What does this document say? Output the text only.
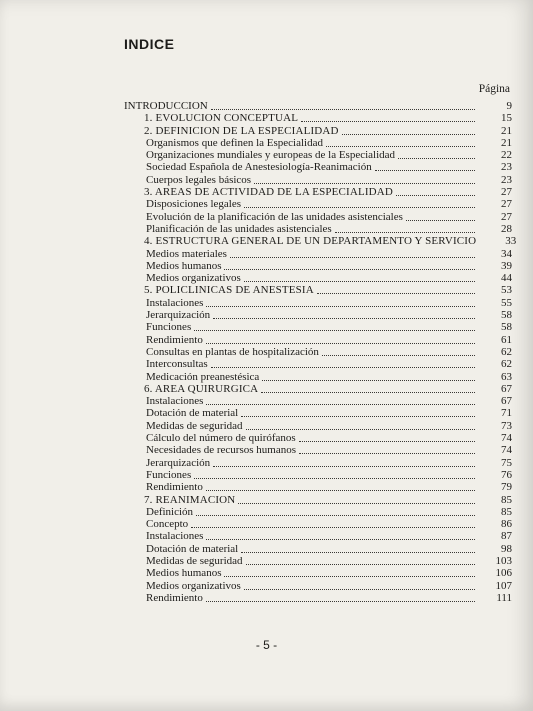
INDICE
Página
INTRODUCCION	9
1. EVOLUCION CONCEPTUAL	15
2. DEFINICION DE LA ESPECIALIDAD	21
Organismos que definen la Especialidad	21
Organizaciones mundiales y europeas de la Especialidad	22
Sociedad Española de Anestesiología-Reanimación	23
Cuerpos legales básicos	23
3. AREAS DE ACTIVIDAD DE LA ESPECIALIDAD	27
Disposiciones legales	27
Evolución de la planificación de las unidades asistenciales	27
Planificación de las unidades asistenciales	28
4. ESTRUCTURA GENERAL DE UN DEPARTAMENTO Y SERVICIO	33
Medios materiales	34
Medios humanos	39
Medios organizativos	44
5. POLICLINICAS DE ANESTESIA	53
Instalaciones	55
Jerarquización	58
Funciones	58
Rendimiento	61
Consultas en plantas de hospitalización	62
Interconsultas	62
Medicación preanestésica	63
6. AREA QUIRURGICA	67
Instalaciones	67
Dotación de material	71
Medidas de seguridad	73
Cálculo del número de quirófanos	74
Necesidades de recursos humanos	74
Jerarquización	75
Funciones	76
Rendimiento	79
7. REANIMACION	85
Definición	85
Concepto	86
Instalaciones	87
Dotación de material	98
Medidas de seguridad	103
Medios humanos	106
Medios organizativos	107
Rendimiento	111
- 5 -
